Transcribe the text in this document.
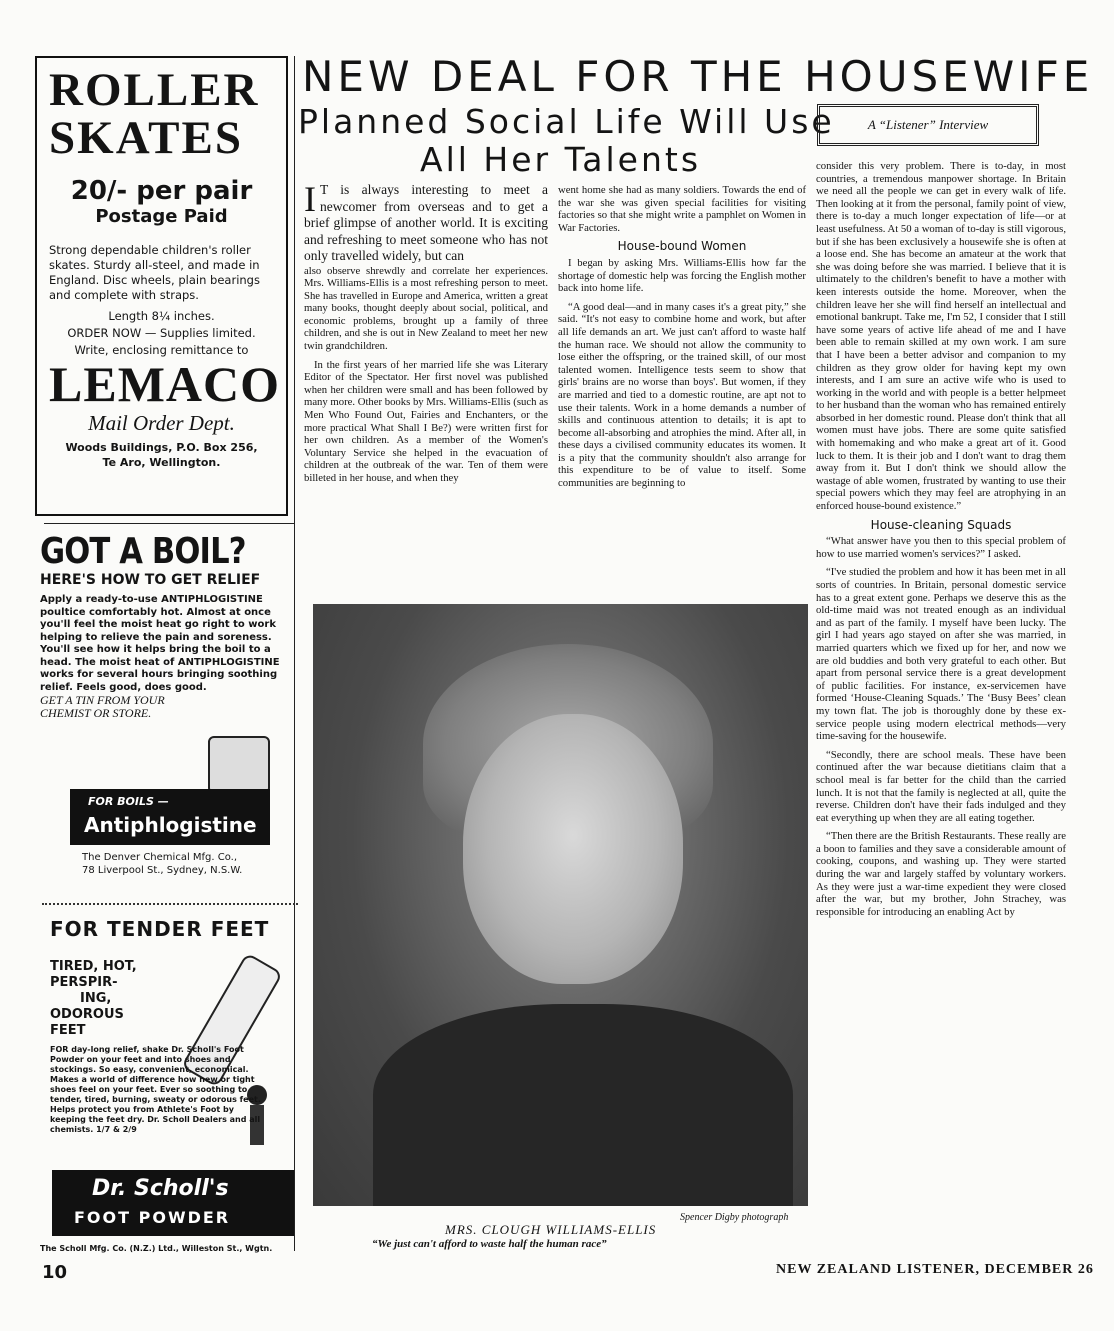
ROLLER
SKATES
20/- per pair
Postage Paid
Strong dependable children's roller skates. Sturdy all-steel, and made in England. Disc wheels, plain bearings and complete with straps.
Length 8¼ inches.
ORDER NOW — Supplies limited.
Write, enclosing remittance to
LEMACO
Mail Order Dept.
Woods Buildings, P.O. Box 256,
Te Aro, Wellington.
GOT A BOIL?
HERE'S HOW TO GET RELIEF
Apply a ready-to-use ANTIPHLOGISTINE poultice comfortably hot. Almost at once you'll feel the moist heat go right to work helping to relieve the pain and soreness. You'll see how it helps bring the boil to a head. The moist heat of ANTIPHLOGISTINE works for several hours bringing soothing relief. Feels good, does good.
GET A TIN FROM YOUR CHEMIST OR STORE.
FOR BOILS —
Antiphlogistine
The Denver Chemical Mfg. Co.,
78 Liverpool St., Sydney, N.S.W.
FOR TENDER FEET
TIRED, HOT,
PERSPIR-
ING,
ODOROUS
FEET
FOR day-long relief, shake Dr. Scholl's Foot Powder on your feet and into shoes and stockings. So easy, convenient, economical. Makes a world of difference how new or tight shoes feel on your feet. Ever so soothing to tender, tired, burning, sweaty or odorous feet. Helps protect you from Athlete's Foot by keeping the feet dry. Dr. Scholl Dealers and all chemists. 1/7 & 2/9
Dr. Scholl's
FOOT POWDER
The Scholl Mfg. Co. (N.Z.) Ltd., Willeston St., Wgtn.
NEW DEAL FOR THE HOUSEWIFE
Planned Social Life Will Use
All Her Talents
A “Listener” Interview
I T is always interesting to meet a newcomer from overseas and to get a brief glimpse of another world. It is exciting and refreshing to meet someone who has not only travelled widely, but can

also observe shrewdly and correlate her experiences. Mrs. Williams-Ellis is a most refreshing person to meet. She has travelled in Europe and America, written a great many books, thought deeply about social, political, and economic problems, brought up a family of three children, and she is out in New Zealand to meet her new twin grandchildren.

In the first years of her married life she was Literary Editor of the Spectator. Her first novel was published when her children were small and has been followed by many more. Other books by Mrs. Williams-Ellis (such as Men Who Found Out, Fairies and Enchanters, or the more practical What Shall I Be?) were written first for her own children. As a member of the Women's Voluntary Service she helped in the evacuation of children at the outbreak of the war. Ten of them were billeted in her house, and when they

went home she had as many soldiers. Towards the end of the war she was given special facilities for visiting factories so that she might write a pamphlet on Women in War Factories.

House-bound Women

I began by asking Mrs. Williams-Ellis how far the shortage of domestic help was forcing the English mother back into home life.

“A good deal—and in many cases it's a great pity,” she said. “It's not easy to combine home and work, but after all life demands an art. We just can't afford to waste half the human race. We should not allow the community to lose either the offspring, or the trained skill, of our most talented women. Intelligence tests seem to show that girls' brains are no worse than boys'. But women, if they are married and tied to a domestic routine, are apt not to use their talents. Work in a home demands a number of skills and continuous attention to details; it is apt to become all-absorbing and atrophies the mind. After all, in these days a civilised community educates its women. It is a pity that the community shouldn't also arrange for this expenditure to be of value to itself. Some communities are beginning to

consider this very problem. There is to-day, in most countries, a tremendous manpower shortage. In Britain we need all the people we can get in every walk of life. Then looking at it from the personal, family point of view, there is to-day a much longer expectation of life—or at least usefulness. At 50 a woman of to-day is still vigorous, but if she has been exclusively a housewife she is often at a loose end. She has become an amateur at the work that she was doing before she was married. I believe that it is ultimately to the children's benefit to have a mother with keen interests outside the home. Moreover, when the children leave her she will find herself an intellectual and emotional bankrupt. Take me, I'm 52, I consider that I still have some years of active life ahead of me and I have been able to remain skilled at my own work. I am sure that I have been a better advisor and companion to my children as they grow older for having kept my own interests, and I am sure an active wife who is used to working in the world and with people is a better helpmeet to her husband than the woman who has remained entirely absorbed in her domestic round. Please don't think that all women must have jobs. There are some quite satisfied with homemaking and who make a great art of it. Good luck to them. It is their job and I don't want to drag them away from it. But I don't think we should allow the wastage of able women, frustrated by wanting to use their special powers which they may feel are atrophying in an enforced house-bound existence.”

House-cleaning Squads

“What answer have you then to this special problem of how to use married women's services?” I asked.

“I've studied the problem and how it has been met in all sorts of countries. In Britain, personal domestic service has to a great extent gone. Perhaps we deserve this as the old-time maid was not treated enough as an individual and as part of the family. I myself have been lucky. The girl I had years ago stayed on after she was married, in married quarters which we fixed up for her, and now we are old buddies and both very grateful to each other. But apart from personal service there is a great development of public facilities. For instance, ex-servicemen have formed ‘House-Cleaning Squads.’ The ‘Busy Bees’ clean my town flat. The job is thoroughly done by these ex-service people using modern electrical methods—very time-saving for the housewife.

“Secondly, there are school meals. These have been continued after the war because dietitians claim that a school meal is far better for the child than the carried lunch. It is not that the family is neglected at all, quite the reverse. Children don't have their fads indulged and they eat everything up when they are all eating together.

“Then there are the British Restaurants. These really are a boon to families and they save a considerable amount of cooking, coupons, and washing up. They were started during the war and largely staffed by voluntary workers. As they were just a war-time expedient they were closed after the war, but my brother, John Strachey, was responsible for introducing an enabling Act by

Spencer Digby photograph
MRS. CLOUGH WILLIAMS-ELLIS
“We just can't afford to waste half the human race”
10	NEW ZEALAND LISTENER, DECEMBER 26
